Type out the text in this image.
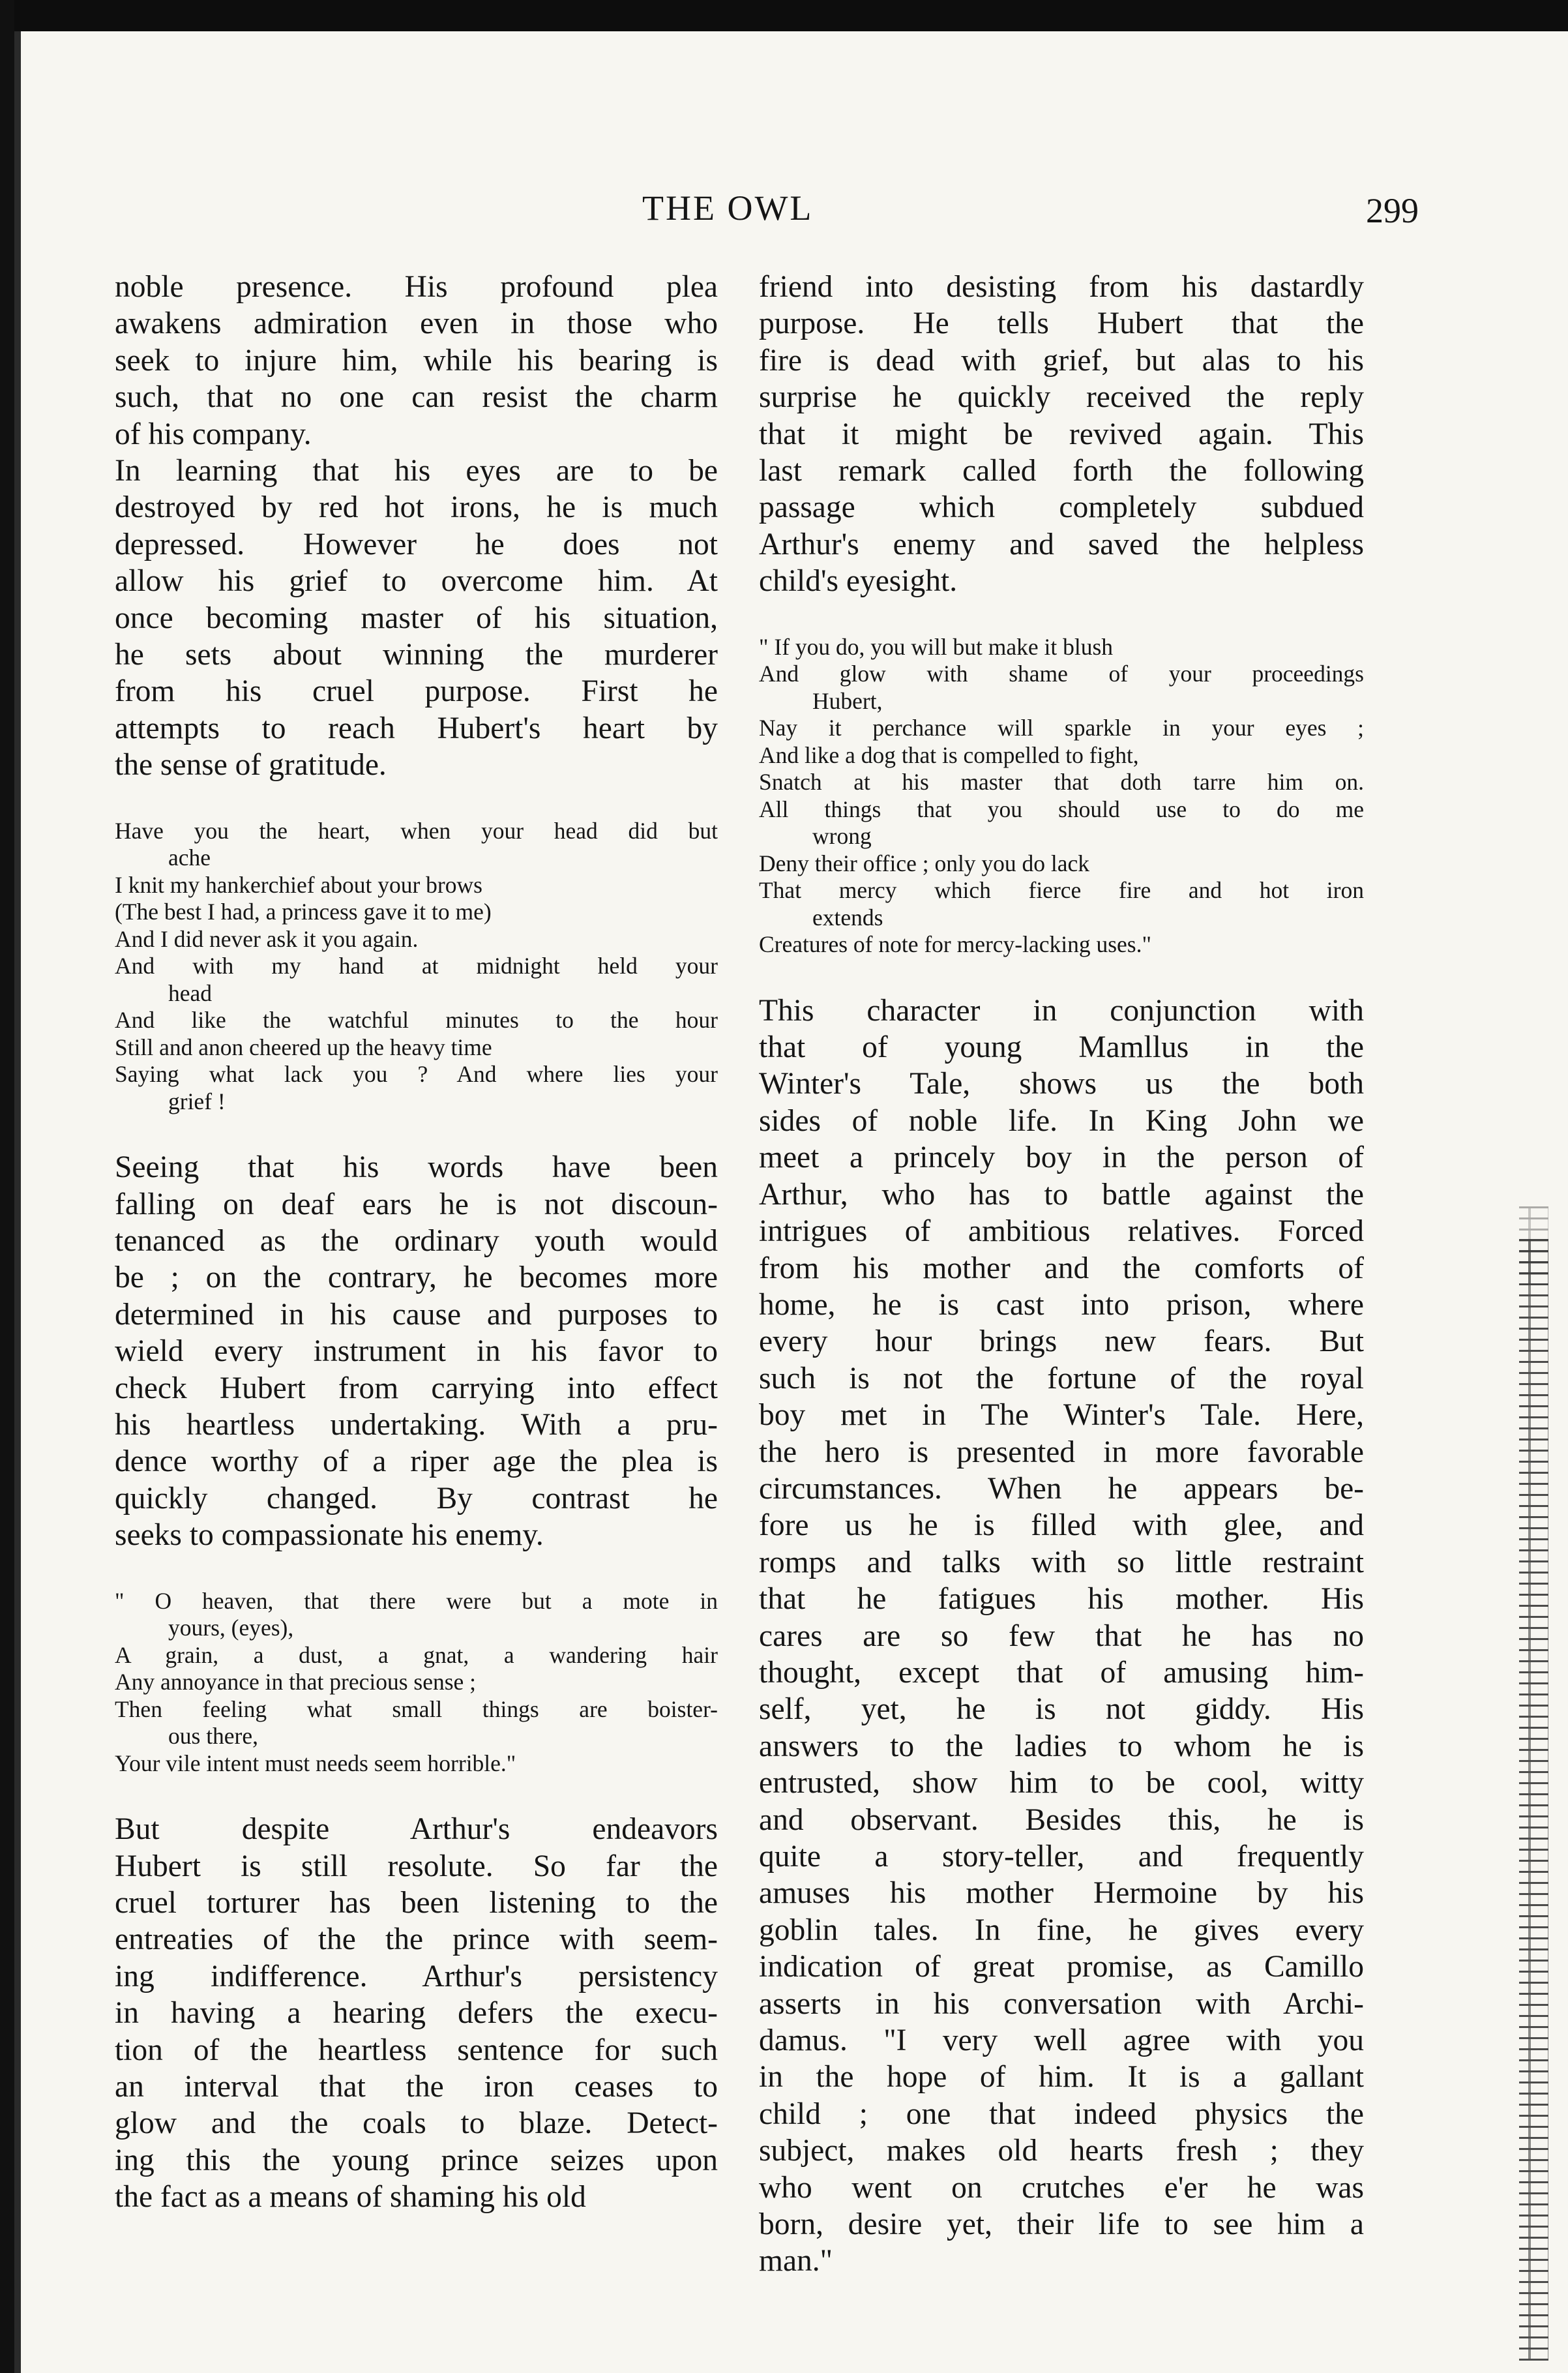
THE OWL	299
noble presence. His profound plea
awakens admiration even in those who
seek to injure him, while his bearing is
such, that no one can resist the charm
of his company.
In learning that his eyes are to be
destroyed by red hot irons, he is much
depressed. However he does not
allow his grief to overcome him. At
once becoming master of his situation,
he sets about winning the murderer
from his cruel purpose. First he
attempts to reach Hubert's heart by
the sense of gratitude.
Have you the heart, when your head did but
ache
I knit my hankerchief about your brows
(The best I had, a princess gave it to me)
And I did never ask it you again.
And with my hand at midnight held your
head
And like the watchful minutes to the hour
Still and anon cheered up the heavy time
Saying what lack you ? And where lies your
grief !
Seeing that his words have been
falling on deaf ears he is not discoun-
tenanced as the ordinary youth would
be ; on the contrary, he becomes more
determined in his cause and purposes to
wield every instrument in his favor to
check Hubert from carrying into effect
his heartless undertaking. With a pru-
dence worthy of a riper age the plea is
quickly changed. By contrast he
seeks to compassionate his enemy.
" O heaven, that there were but a mote in
yours, (eyes),
A grain, a dust, a gnat, a wandering hair
Any annoyance in that precious sense ;
Then feeling what small things are boister-
ous there,
Your vile intent must needs seem horrible."
But despite Arthur's endeavors
Hubert is still resolute. So far the
cruel torturer has been listening to the
entreaties of the the prince with seem-
ing indifference. Arthur's persistency
in having a hearing defers the execu-
tion of the heartless sentence for such
an interval that the iron ceases to
glow and the coals to blaze. Detect-
ing this the young prince seizes upon
the fact as a means of shaming his old
friend into desisting from his dastardly
purpose. He tells Hubert that the
fire is dead with grief, but alas to his
surprise he quickly received the reply
that it might be revived again. This
last remark called forth the following
passage which completely subdued
Arthur's enemy and saved the helpless
child's eyesight.
" If you do, you will but make it blush
And glow with shame of your proceedings
Hubert,
Nay it perchance will sparkle in your eyes ;
And like a dog that is compelled to fight,
Snatch at his master that doth tarre him on.
All things that you should use to do me
wrong
Deny their office ; only you do lack
That mercy which fierce fire and hot iron
extends
Creatures of note for mercy-lacking uses."
This character in conjunction with
that of young Mamllus in the
Winter's Tale, shows us the both
sides of noble life. In King John we
meet a princely boy in the person of
Arthur, who has to battle against the
intrigues of ambitious relatives. Forced
from his mother and the comforts of
home, he is cast into prison, where
every hour brings new fears. But
such is not the fortune of the royal
boy met in The Winter's Tale. Here,
the hero is presented in more favorable
circumstances. When he appears be-
fore us he is filled with glee, and
romps and talks with so little restraint
that he fatigues his mother. His
cares are so few that he has no
thought, except that of amusing him-
self, yet, he is not giddy. His
answers to the ladies to whom he is
entrusted, show him to be cool, witty
and observant. Besides this, he is
quite a story-teller, and frequently
amuses his mother Hermoine by his
goblin tales. In fine, he gives every
indication of great promise, as Camillo
asserts in his conversation with Archi-
damus. "I very well agree with you
in the hope of him. It is a gallant
child ; one that indeed physics the
subject, makes old hearts fresh ; they
who went on crutches e'er he was
born, desire yet, their life to see him a
man."
